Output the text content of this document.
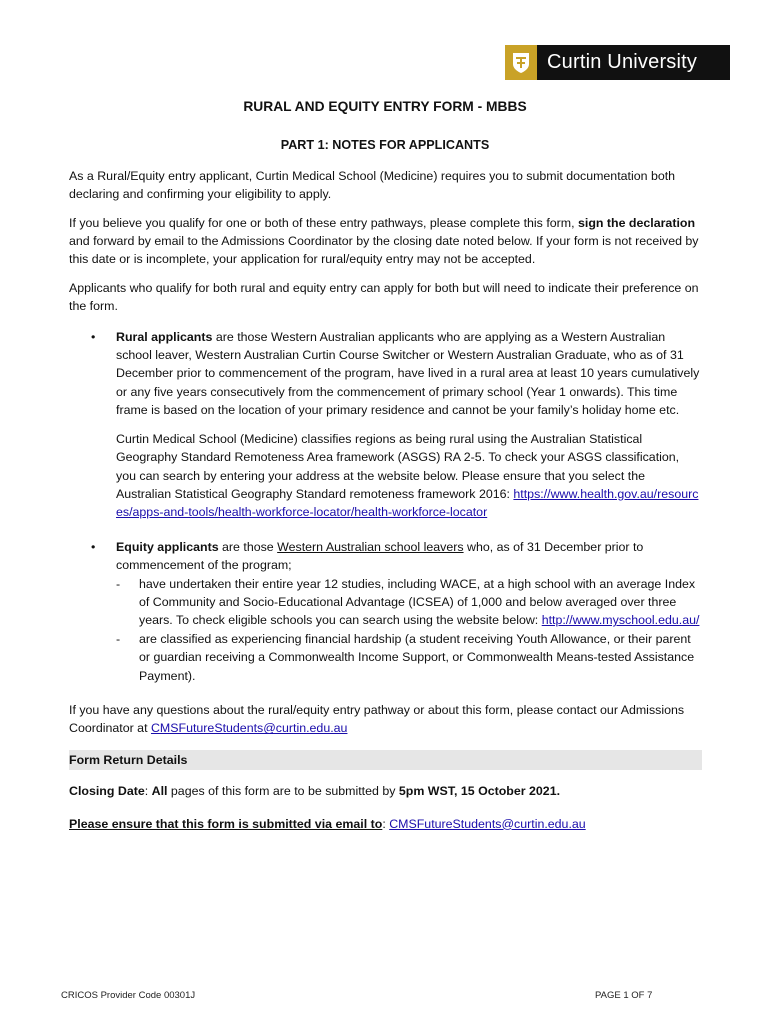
Curtin University
RURAL AND EQUITY ENTRY FORM - MBBS
PART 1: NOTES FOR APPLICANTS

As a Rural/Equity entry applicant, Curtin Medical School (Medicine) requires you to submit documentation both declaring and confirming your eligibility to apply.

If you believe you qualify for one or both of these entry pathways, please complete this form, sign the declaration and forward by email to the Admissions Coordinator by the closing date noted below. If your form is not received by this date or is incomplete, your application for rural/equity entry may not be accepted.

Applicants who qualify for both rural and equity entry can apply for both but will need to indicate their preference on the form.

• Rural applicants are those Western Australian applicants who are applying as a Western Australian school leaver, Western Australian Curtin Course Switcher or Western Australian Graduate, who as of 31 December prior to commencement of the program, have lived in a rural area at least 10 years cumulatively or any five years consecutively from the commencement of primary school (Year 1 onwards). This time frame is based on the location of your primary residence and cannot be your family’s holiday home etc.

Curtin Medical School (Medicine) classifies regions as being rural using the Australian Statistical Geography Standard Remoteness Area framework (ASGS) RA 2-5. To check your ASGS classification, you can search by entering your address at the website below. Please ensure that you select the Australian Statistical Geography Standard remoteness framework 2016: https://www.health.gov.au/resources/apps-and-tools/health-workforce-locator/health-workforce-locator

• Equity applicants are those Western Australian school leavers who, as of 31 December prior to commencement of the program;
- have undertaken their entire year 12 studies, including WACE, at a high school with an average Index of Community and Socio-Educational Advantage (ICSEA) of 1,000 and below averaged over three years. To check eligible schools you can search using the website below: http://www.myschool.edu.au/
- are classified as experiencing financial hardship (a student receiving Youth Allowance, or their parent or guardian receiving a Commonwealth Income Support, or Commonwealth Means-tested Assistance Payment).

If you have any questions about the rural/equity entry pathway or about this form, please contact our Admissions Coordinator at CMSFutureStudents@curtin.edu.au

Form Return Details

Closing Date: All pages of this form are to be submitted by 5pm WST, 15 October 2021.

Please ensure that this form is submitted via email to: CMSFutureStudents@curtin.edu.au

CRICOS Provider Code 00301J	PAGE 1 OF 7
